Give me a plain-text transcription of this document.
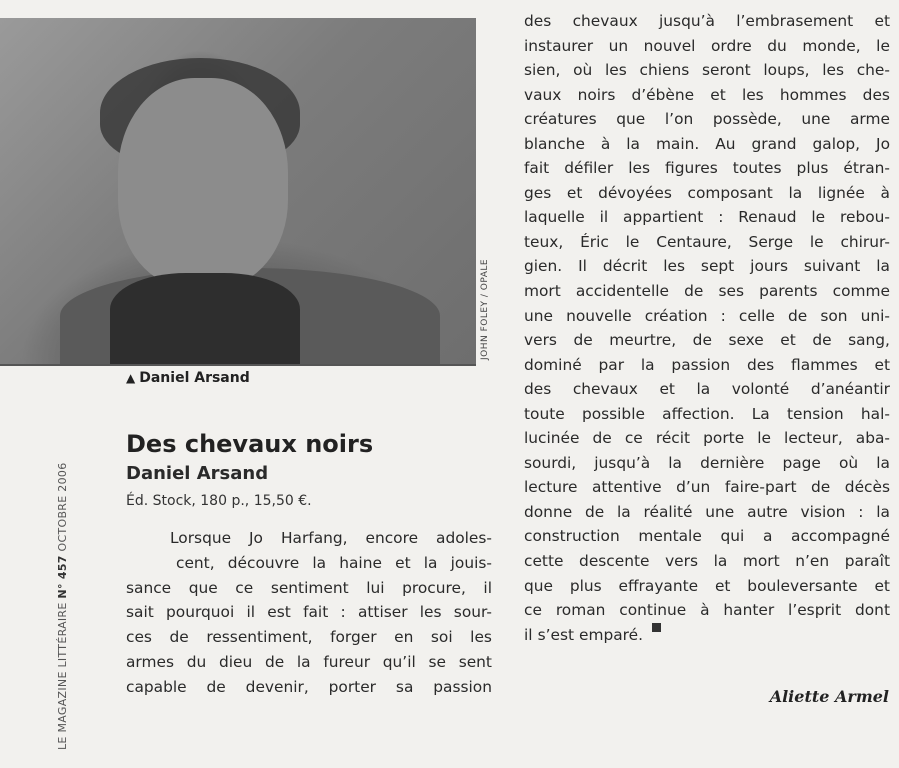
JOHN FOLEY / OPALE
LE MAGAZINE LITTÉRAIRE N° 457 OCTOBRE 2006
▲ Daniel Arsand
Des chevaux noirs
Daniel Arsand
Éd. Stock, 180 p., 15,50 €.
Lorsque Jo Harfang, encore adoles-
cent, découvre la haine et la jouis-
sance que ce sentiment lui procure, il
sait pourquoi il est fait : attiser les sour-
ces de ressentiment, forger en soi les
armes du dieu de la fureur qu’il se sent
capable de devenir, porter sa passion
des chevaux jusqu’à l’embrasement et
instaurer un nouvel ordre du monde, le
sien, où les chiens seront loups, les che-
vaux noirs d’ébène et les hommes des
créatures que l’on possède, une arme
blanche à la main. Au grand galop, Jo
fait défiler les figures toutes plus étran-
ges et dévoyées composant la lignée à
laquelle il appartient : Renaud le rebou-
teux, Éric le Centaure, Serge le chirur-
gien. Il décrit les sept jours suivant la
mort accidentelle de ses parents comme
une nouvelle création : celle de son uni-
vers de meurtre, de sexe et de sang,
dominé par la passion des flammes et
des chevaux et la volonté d’anéantir
toute possible affection. La tension hal-
lucinée de ce récit porte le lecteur, aba-
sourdi, jusqu’à la dernière page où la
lecture attentive d’un faire-part de décès
donne de la réalité une autre vision : la
construction mentale qui a accompagné
cette descente vers la mort n’en paraît
que plus effrayante et bouleversante et
ce roman continue à hanter l’esprit dont
il s’est emparé.
Aliette Armel
